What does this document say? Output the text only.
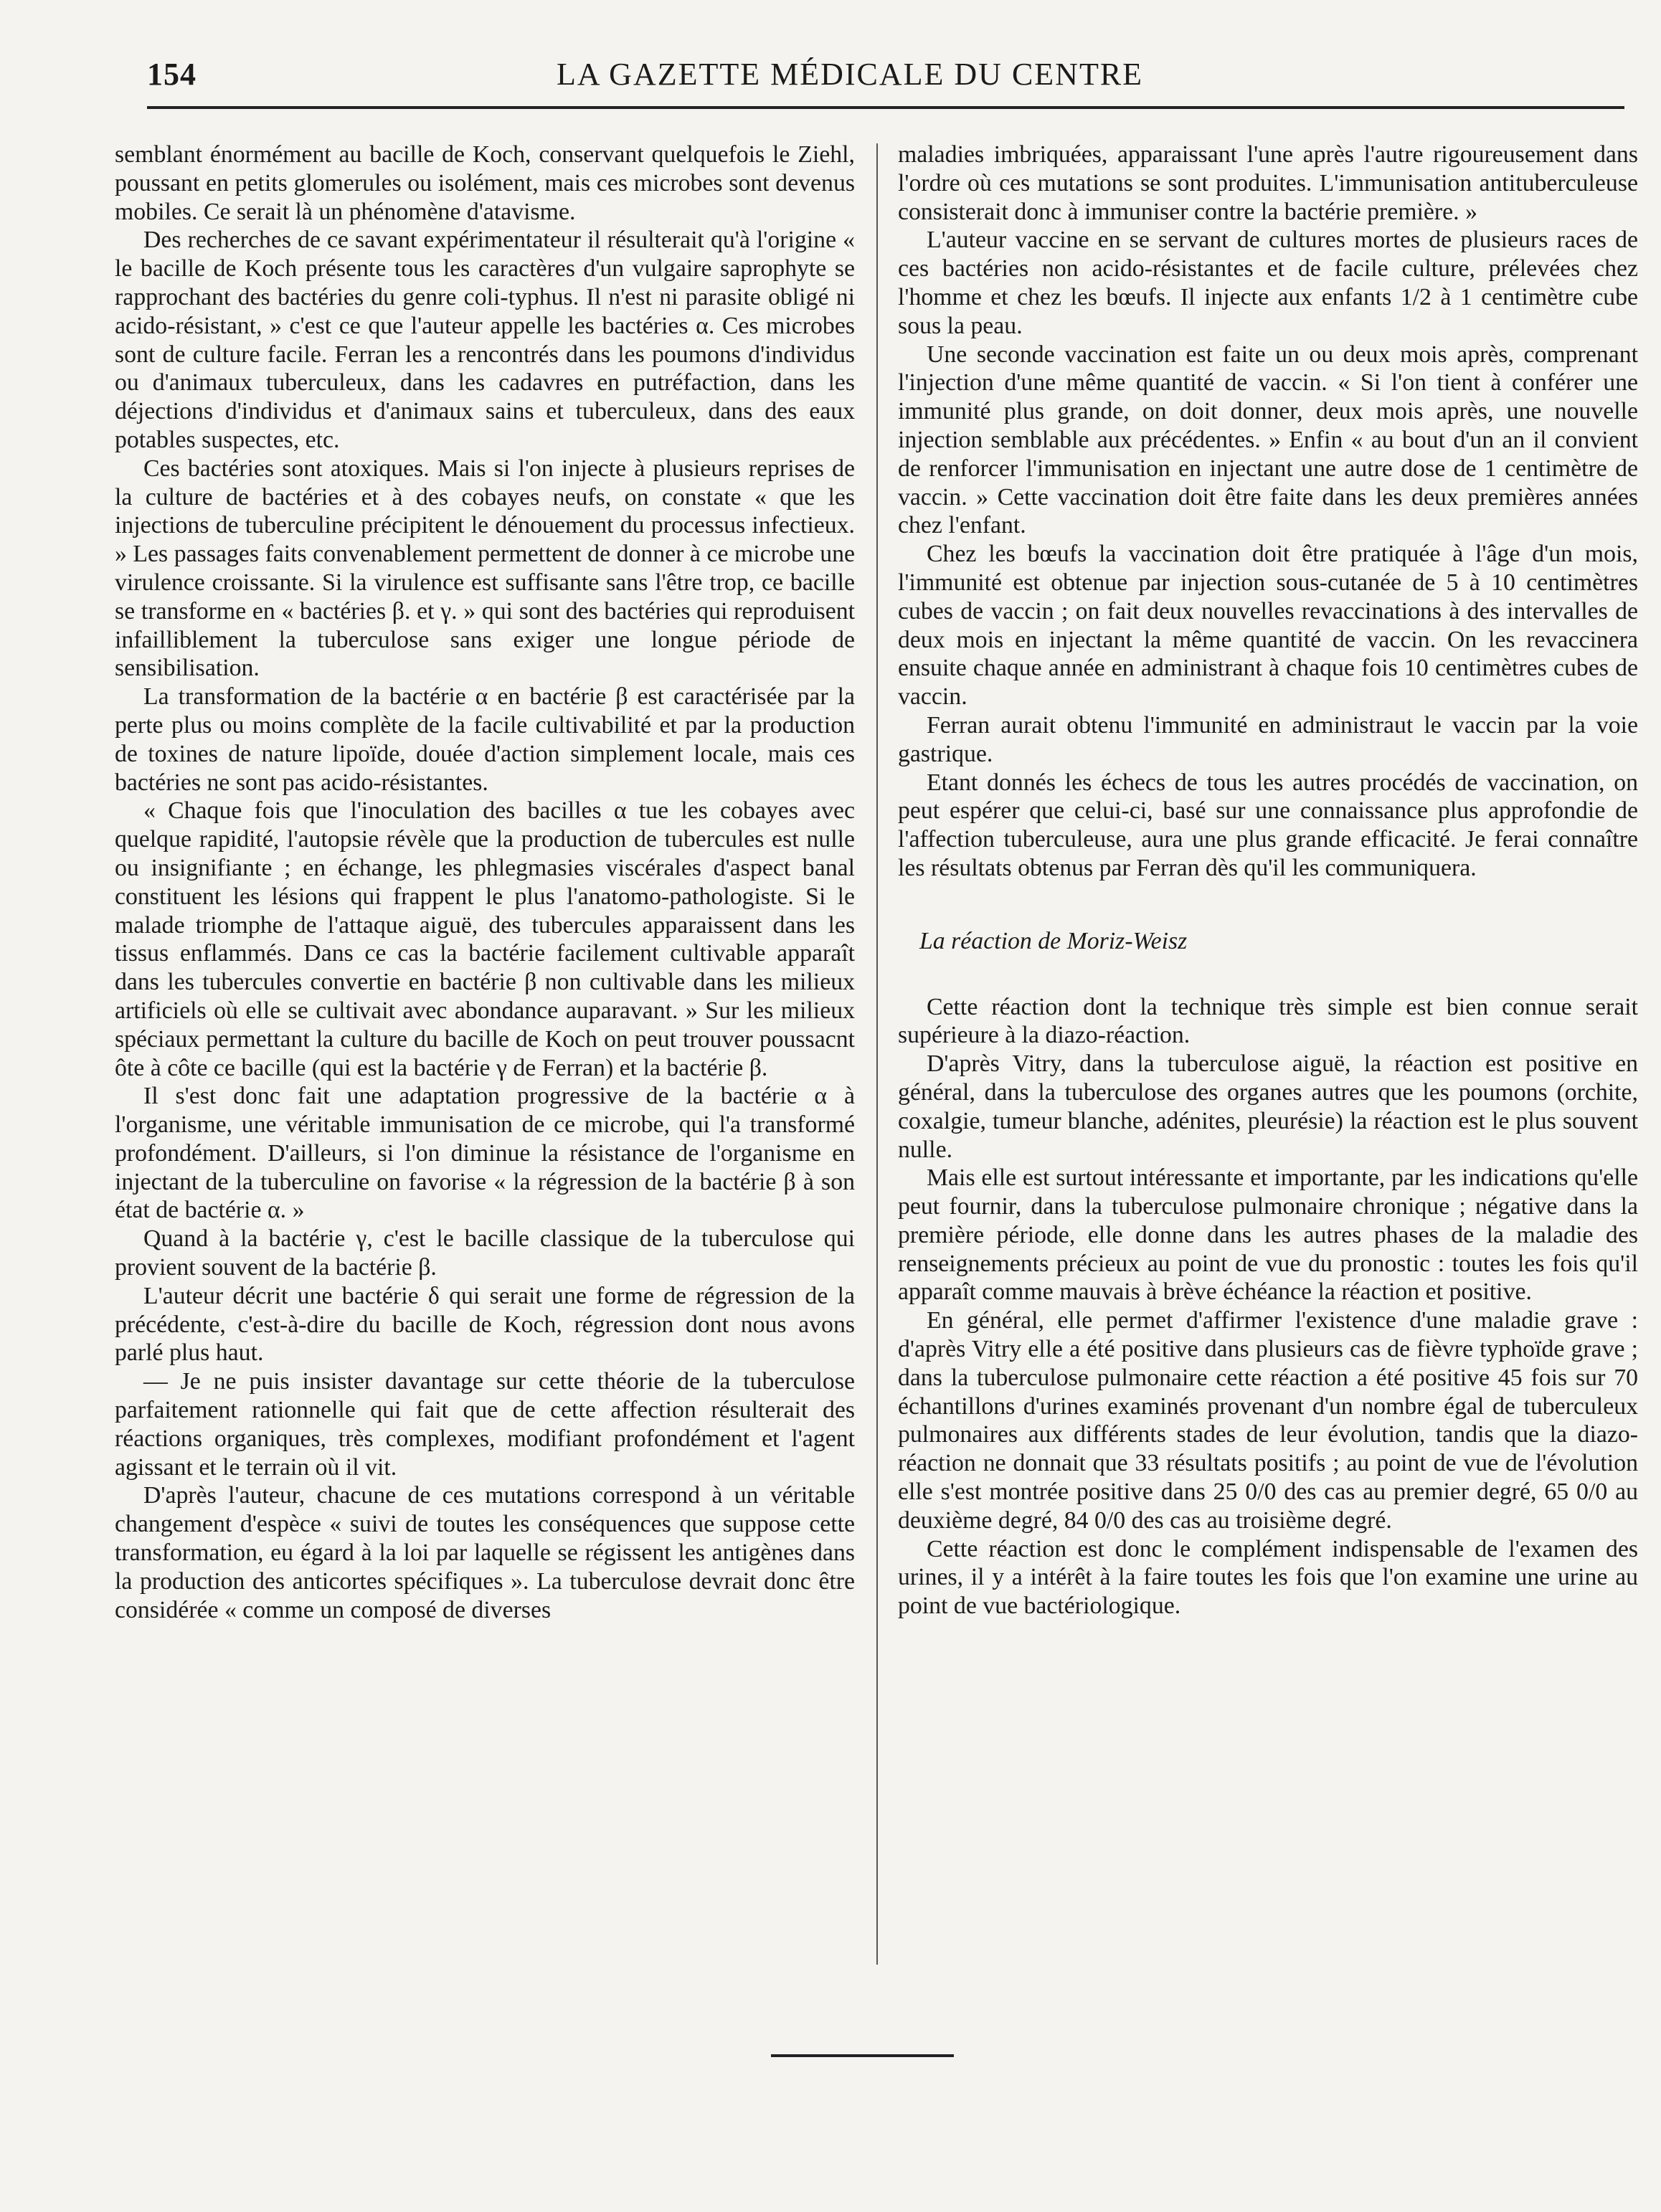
154	LA GAZETTE MÉDICALE DU CENTRE

semblant énormément au bacille de Koch, conservant quelquefois le Ziehl, poussant en petits glomerules ou isolément, mais ces microbes sont devenus mobiles. Ce serait là un phénomène d'atavisme.

Des recherches de ce savant expérimentateur il résulterait qu'à l'origine « le bacille de Koch présente tous les caractères d'un vulgaire saprophyte se rapprochant des bactéries du genre coli-typhus. Il n'est ni parasite obligé ni acido-résistant, » c'est ce que l'auteur appelle les bactéries α. Ces microbes sont de culture facile. Ferran les a rencontrés dans les poumons d'individus ou d'animaux tuberculeux, dans les cadavres en putréfaction, dans les déjections d'individus et d'animaux sains et tuberculeux, dans des eaux potables suspectes, etc.

Ces bactéries sont atoxiques. Mais si l'on injecte à plusieurs reprises de la culture de bactéries et à des cobayes neufs, on constate « que les injections de tuberculine précipitent le dénouement du processus infectieux. » Les passages faits convenablement permettent de donner à ce microbe une virulence croissante. Si la virulence est suffisante sans l'être trop, ce bacille se transforme en « bactéries β. et γ. » qui sont des bactéries qui reproduisent infailliblement la tuberculose sans exiger une longue période de sensibilisation.

La transformation de la bactérie α en bactérie β est caractérisée par la perte plus ou moins complète de la facile cultivabilité et par la production de toxines de nature lipoïde, douée d'action simplement locale, mais ces bactéries ne sont pas acido-résistantes.

« Chaque fois que l'inoculation des bacilles α tue les cobayes avec quelque rapidité, l'autopsie révèle que la production de tubercules est nulle ou insignifiante ; en échange, les phlegmasies viscérales d'aspect banal constituent les lésions qui frappent le plus l'anatomo-pathologiste. Si le malade triomphe de l'attaque aiguë, des tubercules apparaissent dans les tissus enflammés. Dans ce cas la bactérie facilement cultivable apparaît dans les tubercules convertie en bactérie β non cultivable dans les milieux artificiels où elle se cultivait avec abondance auparavant. » Sur les milieux spéciaux permettant la culture du bacille de Koch on peut trouver poussacnt ôte à côte ce bacille (qui est la bactérie γ de Ferran) et la bactérie β.

Il s'est donc fait une adaptation progressive de la bactérie α à l'organisme, une véritable immunisation de ce microbe, qui l'a transformé profondément. D'ailleurs, si l'on diminue la résistance de l'organisme en injectant de la tuberculine on favorise « la régression de la bactérie β à son état de bactérie α. »

Quand à la bactérie γ, c'est le bacille classique de la tuberculose qui provient souvent de la bactérie β.

L'auteur décrit une bactérie δ qui serait une forme de régression de la précédente, c'est-à-dire du bacille de Koch, régression dont nous avons parlé plus haut.

— Je ne puis insister davantage sur cette théorie de la tuberculose parfaitement rationnelle qui fait que de cette affection résulterait des réactions organiques, très complexes, modifiant profondément et l'agent agissant et le terrain où il vit.

D'après l'auteur, chacune de ces mutations correspond à un véritable changement d'espèce « suivi de toutes les conséquences que suppose cette transformation, eu égard à la loi par laquelle se régissent les antigènes dans la production des anticortes spécifiques ». La tuberculose devrait donc être considérée « comme un composé de diverses

maladies imbriquées, apparaissant l'une après l'autre rigoureusement dans l'ordre où ces mutations se sont produites. L'immunisation antituberculeuse consisterait donc à immuniser contre la bactérie première. »

L'auteur vaccine en se servant de cultures mortes de plusieurs races de ces bactéries non acido-résistantes et de facile culture, prélevées chez l'homme et chez les bœufs. Il injecte aux enfants 1/2 à 1 centimètre cube sous la peau.

Une seconde vaccination est faite un ou deux mois après, comprenant l'injection d'une même quantité de vaccin. « Si l'on tient à conférer une immunité plus grande, on doit donner, deux mois après, une nouvelle injection semblable aux précédentes. » Enfin « au bout d'un an il convient de renforcer l'immunisation en injectant une autre dose de 1 centimètre de vaccin. » Cette vaccination doit être faite dans les deux premières années chez l'enfant.

Chez les bœufs la vaccination doit être pratiquée à l'âge d'un mois, l'immunité est obtenue par injection sous-cutanée de 5 à 10 centimètres cubes de vaccin ; on fait deux nouvelles revaccinations à des intervalles de deux mois en injectant la même quantité de vaccin. On les revaccinera ensuite chaque année en administrant à chaque fois 10 centimètres cubes de vaccin.

Ferran aurait obtenu l'immunité en administraut le vaccin par la voie gastrique.

Etant donnés les échecs de tous les autres procédés de vaccination, on peut espérer que celui-ci, basé sur une connaissance plus approfondie de l'affection tuberculeuse, aura une plus grande efficacité. Je ferai connaître les résultats obtenus par Ferran dès qu'il les communiquera.

La réaction de Moriz-Weisz

Cette réaction dont la technique très simple est bien connue serait supérieure à la diazo-réaction.

D'après Vitry, dans la tuberculose aiguë, la réaction est positive en général, dans la tuberculose des organes autres que les poumons (orchite, coxalgie, tumeur blanche, adénites, pleurésie) la réaction est le plus souvent nulle.

Mais elle est surtout intéressante et importante, par les indications qu'elle peut fournir, dans la tuberculose pulmonaire chronique ; négative dans la première période, elle donne dans les autres phases de la maladie des renseignements précieux au point de vue du pronostic : toutes les fois qu'il apparaît comme mauvais à brève échéance la réaction et positive.

En général, elle permet d'affirmer l'existence d'une maladie grave : d'après Vitry elle a été positive dans plusieurs cas de fièvre typhoïde grave ; dans la tuberculose pulmonaire cette réaction a été positive 45 fois sur 70 échantillons d'urines examinés provenant d'un nombre égal de tuberculeux pulmonaires aux différents stades de leur évolution, tandis que la diazo-réaction ne donnait que 33 résultats positifs ; au point de vue de l'évolution elle s'est montrée positive dans 25 0/0 des cas au premier degré, 65 0/0 au deuxième degré, 84 0/0 des cas au troisième degré.

Cette réaction est donc le complément indispensable de l'examen des urines, il y a intérêt à la faire toutes les fois que l'on examine une urine au point de vue bactériologique.
